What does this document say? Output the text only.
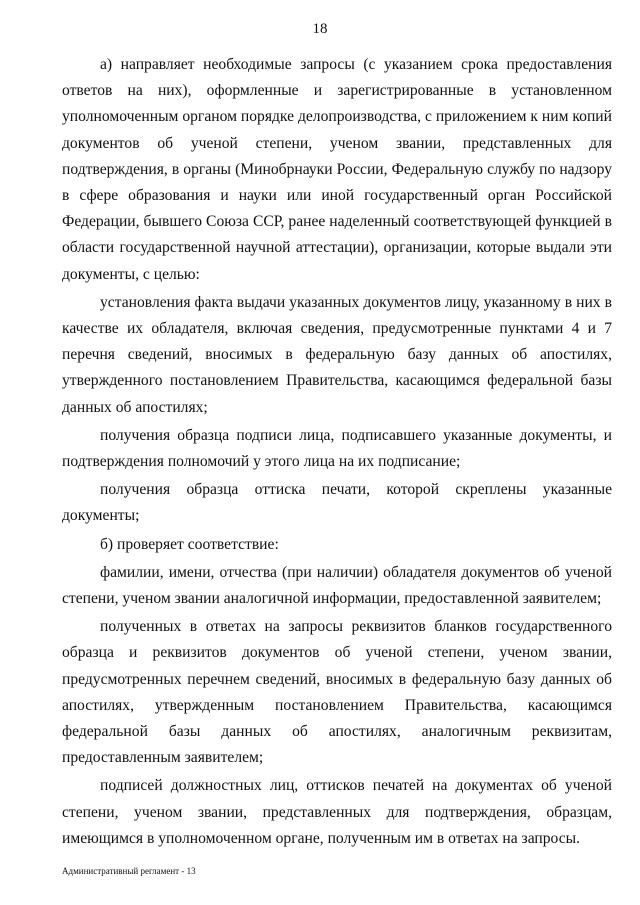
18

а) направляет необходимые запросы (с указанием срока предоставления ответов на них), оформленные и зарегистрированные в установленном уполномоченным органом порядке делопроизводства, с приложением к ним копий документов об ученой степени, ученом звании, представленных для подтверждения, в органы (Минобрнауки России, Федеральную службу по надзору в сфере образования и науки или иной государственный орган Российской Федерации, бывшего Союза ССР, ранее наделенный соответствующей функцией в области государственной научной аттестации), организации, которые выдали эти документы, с целью:

установления факта выдачи указанных документов лицу, указанному в них в качестве их обладателя, включая сведения, предусмотренные пунктами 4 и 7 перечня сведений, вносимых в федеральную базу данных об апостилях, утвержденного постановлением Правительства, касающимся федеральной базы данных об апостилях;

получения образца подписи лица, подписавшего указанные документы, и подтверждения полномочий у этого лица на их подписание;

получения образца оттиска печати, которой скреплены указанные документы;

б) проверяет соответствие:

фамилии, имени, отчества (при наличии) обладателя документов об ученой степени, ученом звании аналогичной информации, предоставленной заявителем;

полученных в ответах на запросы реквизитов бланков государственного образца и реквизитов документов об ученой степени, ученом звании, предусмотренных перечнем сведений, вносимых в федеральную базу данных об апостилях, утвержденным постановлением Правительства, касающимся федеральной базы данных об апостилях, аналогичным реквизитам, предоставленным заявителем;

подписей должностных лиц, оттисков печатей на документах об ученой степени, ученом звании, представленных для подтверждения, образцам, имеющимся в уполномоченном органе, полученным им в ответах на запросы.

Административный регламент - 13
